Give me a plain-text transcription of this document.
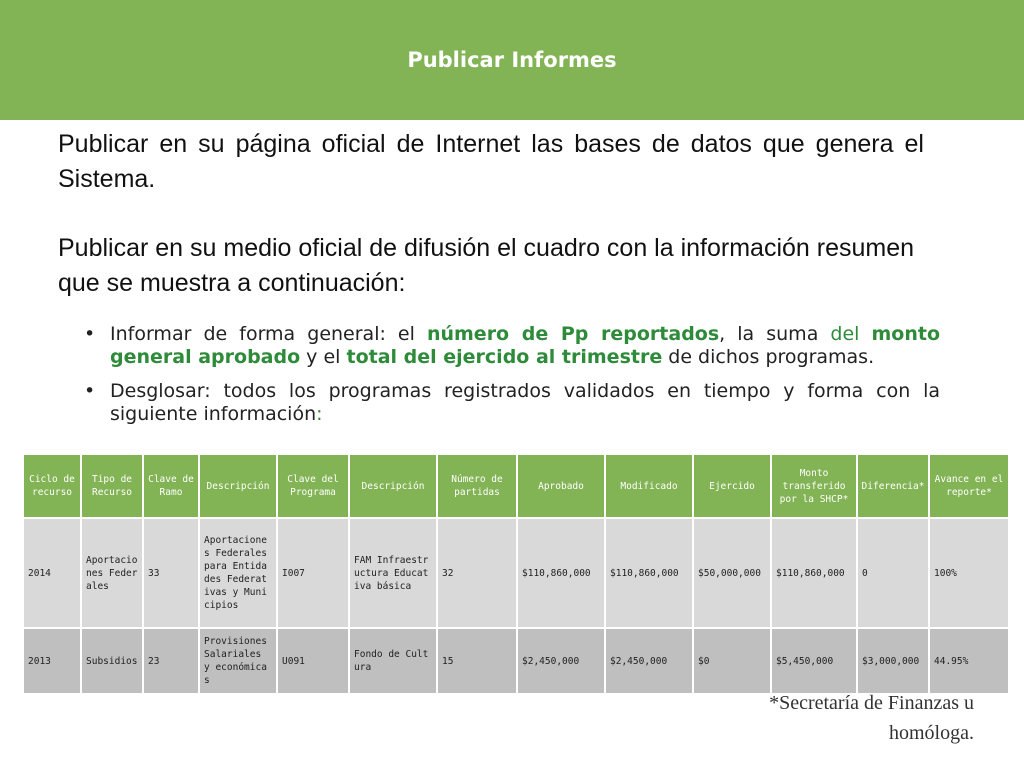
Publicar Informes
Publicar en su página oficial de Internet las bases de datos que genera el Sistema.
Publicar en su medio oficial de difusión el cuadro con la información resumen que se muestra a continuación:
• Informar de forma general: el número de Pp reportados, la suma del monto general aprobado y el total del ejercido al trimestre de dichos programas.
• Desglosar: todos los programas registrados validados en tiempo y forma con la siguiente información:
Ciclo de recurso	Tipo de Recurso	Clave de Ramo	Descripción	Clave del Programa	Descripción	Número de partidas	Aprobado	Modificado	Ejercido	Monto transferido por la SHCP*	Diferencia*	Avance en el reporte*
2014	Aportaciones Federales	33	Aportaciones Federales para Entidades Federativas y Municipios	I007	FAM Infraestructura Educativa básica	32	$110,860,000	$110,860,000	$50,000,000	$110,860,000	0	100%
2013	Subsidios	23	Provisiones Salariales y económicas	U091	Fondo de Cultura	15	$2,450,000	$2,450,000	$0	$5,450,000	$3,000,000	44.95%
*Secretaría de Finanzas u homóloga.
